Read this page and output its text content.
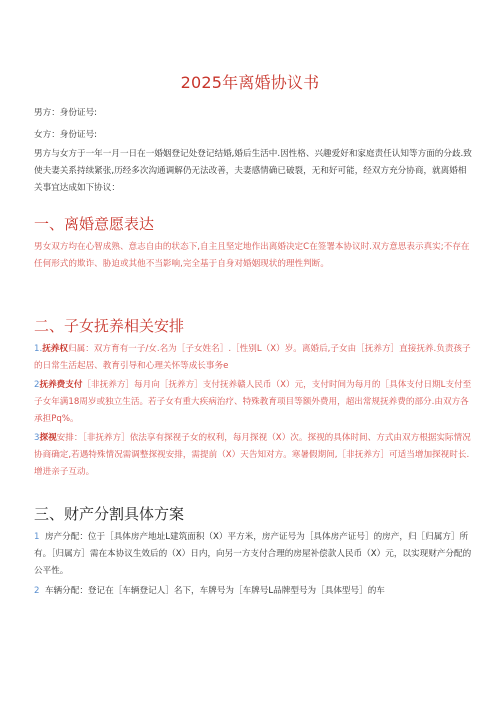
2025年离婚协议书
男方：身份证号:
女方：身份证号:
男方与女方于一年一月一日在一婚姻登记处登记结婚,婚后生活中.因性格、兴趣爱好和家庭责任认知等方面的分歧.致使夫妻关系持续紧张,历经多次沟通调解仍无法改善，夫妻感情确已破裂，无和好可能，经双方充分协商，就离婚相关事宜达成如下协议：
一、离婚意愿表达
男女双方均在心智成熟、意志自由的状态下,自主且坚定地作出离婚决定C在签署本协议时.双方意思表示真实;不存在任何形式的欺诈、胁迫或其他不当影响,完全基于自身对婚姻现状的理性判断。
二、子女抚养相关安排
1.抚养权归属：双方育有一子/女.名为［子女姓名］.［性别L（X）岁。离婚后,子女由［抚养方］直接抚养.负责孩子的日常生活起居、教育引导和心理关怀等成长事务e
2抚养费支付［非抚养方］每月向［抚养方］支付抚养赣人民币（X）元，支付时间为每月的［具体支付日期L支付至子女年满18周岁或独立生活。若子女有重大疾病治疗、特殊教育项目等额外费用，超出常规抚养费的部分.由双方各承担Pq%。
3探视安排：［非抚养方］依法享有探视子女的权利，每月探视（X）次。探视的具体时间、方式由双方根据实际情况协商确定,若遇特殊情况需调整探视安排，需提前（X）天告知对方。寒暑假期间,［非抚养方］可适当增加探视时长.增进亲子互动。
三、财产分割具体方案
1 房产分配：位于［具体房产地址L建筑面积（X）平方米，房产证号为［具体房产证号］的房产，归［归属方］所有。［归属方］需在本协议生效后的（X）日内，向另一方支付合理的房屋补偿款人民币（X）元，以实现财产分配的公平性。
2 车辆分配：登记在［车辆登记人］名下，车牌号为［车牌号L品牌型号为［具体型号］的车
